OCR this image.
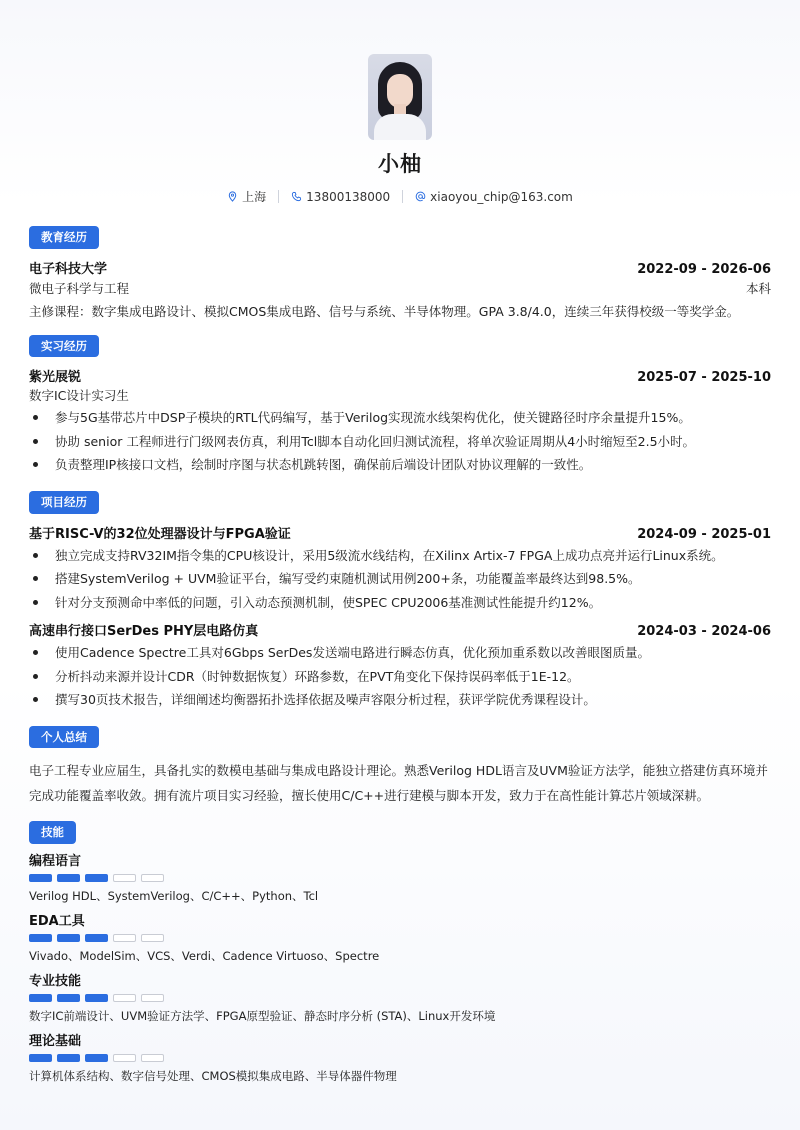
小柚
上海	13800138000	xiaoyou_chip@163.com
教育经历
电子科技大学	2022-09 - 2026-06
微电子科学与工程	本科
主修课程：数字集成电路设计、模拟CMOS集成电路、信号与系统、半导体物理。GPA 3.8/4.0，连续三年获得校级一等奖学金。
实习经历
紫光展锐	2025-07 - 2025-10
数字IC设计实习生
参与5G基带芯片中DSP子模块的RTL代码编写，基于Verilog实现流水线架构优化，使关键路径时序余量提升15%。
协助 senior 工程师进行门级网表仿真，利用Tcl脚本自动化回归测试流程，将单次验证周期从4小时缩短至2.5小时。
负责整理IP核接口文档，绘制时序图与状态机跳转图，确保前后端设计团队对协议理解的一致性。
项目经历
基于RISC-V的32位处理器设计与FPGA验证	2024-09 - 2025-01
独立完成支持RV32IM指令集的CPU核设计，采用5级流水线结构，在Xilinx Artix-7 FPGA上成功点亮并运行Linux系统。
搭建SystemVerilog + UVM验证平台，编写受约束随机测试用例200+条，功能覆盖率最终达到98.5%。
针对分支预测命中率低的问题，引入动态预测机制，使SPEC CPU2006基准测试性能提升约12%。
高速串行接口SerDes PHY层电路仿真	2024-03 - 2024-06
使用Cadence Spectre工具对6Gbps SerDes发送端电路进行瞬态仿真，优化预加重系数以改善眼图质量。
分析抖动来源并设计CDR（时钟数据恢复）环路参数，在PVT角变化下保持误码率低于1E-12。
撰写30页技术报告，详细阐述均衡器拓扑选择依据及噪声容限分析过程，获评学院优秀课程设计。
个人总结
电子工程专业应届生，具备扎实的数模电基础与集成电路设计理论。熟悉Verilog HDL语言及UVM验证方法学，能独立搭建仿真环境并完成功能覆盖率收敛。拥有流片项目实习经验，擅长使用C/C++进行建模与脚本开发，致力于在高性能计算芯片领域深耕。
技能
编程语言
Verilog HDL、SystemVerilog、C/C++、Python、Tcl
EDA工具
Vivado、ModelSim、VCS、Verdi、Cadence Virtuoso、Spectre
专业技能
数字IC前端设计、UVM验证方法学、FPGA原型验证、静态时序分析 (STA)、Linux开发环境
理论基础
计算机体系结构、数字信号处理、CMOS模拟集成电路、半导体器件物理
